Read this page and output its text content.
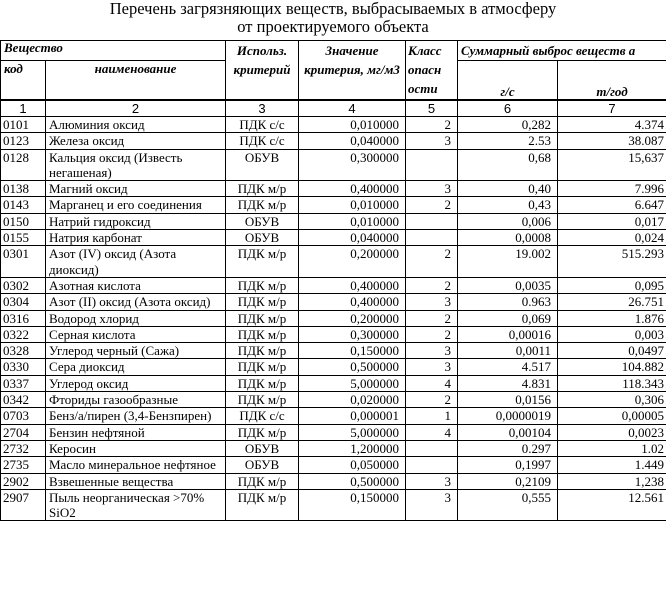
Перечень загрязняющих веществ, выбрасываемых в атмосферу
от проектируемого объекта
Вещество		Использ. критерий	Значение критерия, мг/м3	Класс опасн ости	Суммарный выброс веществ а	
код	наименование				г/с	т/год
1	2	3	4	5	6	7
0101	Алюминия оксид	ПДК с/с	0,010000	2	0,282	4.374
0123	Железа оксид	ПДК с/с	0,040000	3	2.53	38.087
0128	Кальция оксид (Известь негашеная)	ОБУВ	0,300000		0,68	15,637
0138	Магний оксид	ПДК м/р	0,400000	3	0,40	7.996
0143	Марганец и его соединения	ПДК м/р	0,010000	2	0,43	6.647
0150	Натрий гидроксид	ОБУВ	0,010000		0,006	0,017
0155	Натрия карбонат	ОБУВ	0,040000		0,0008	0,024
0301	Азот (IV) оксид (Азота диоксид)	ПДК м/р	0,200000	2	19.002	515.293
0302	Азотная кислота	ПДК м/р	0,400000	2	0,0035	0,095
0304	Азот (II) оксид (Азота оксид)	ПДК м/р	0,400000	3	0.963	26.751
0316	Водород хлорид	ПДК м/р	0,200000	2	0,069	1.876
0322	Серная кислота	ПДК м/р	0,300000	2	0,00016	0,003
0328	Углерод черный (Сажа)	ПДК м/р	0,150000	3	0,0011	0,0497
0330	Сера диоксид	ПДК м/р	0,500000	3	4.517	104.882
0337	Углерод оксид	ПДК м/р	5,000000	4	4.831	118.343
0342	Фториды газообразные	ПДК м/р	0,020000	2	0,0156	0,306
0703	Бенз/а/пирен (3,4-Бензпирен)	ПДК с/с	0,000001	1	0,0000019	0,00005
2704	Бензин нефтяной	ПДК м/р	5,000000	4	0,00104	0,0023
2732	Керосин	ОБУВ	1,200000		0.297	1.02
2735	Масло минеральное нефтяное	ОБУВ	0,050000		0,1997	1.449
2902	Взвешенные вещества	ПДК м/р	0,500000	3	0,2109	1,238
2907	Пыль неорганическая >70% SiO2	ПДК м/р	0,150000	3	0,555	12.561
